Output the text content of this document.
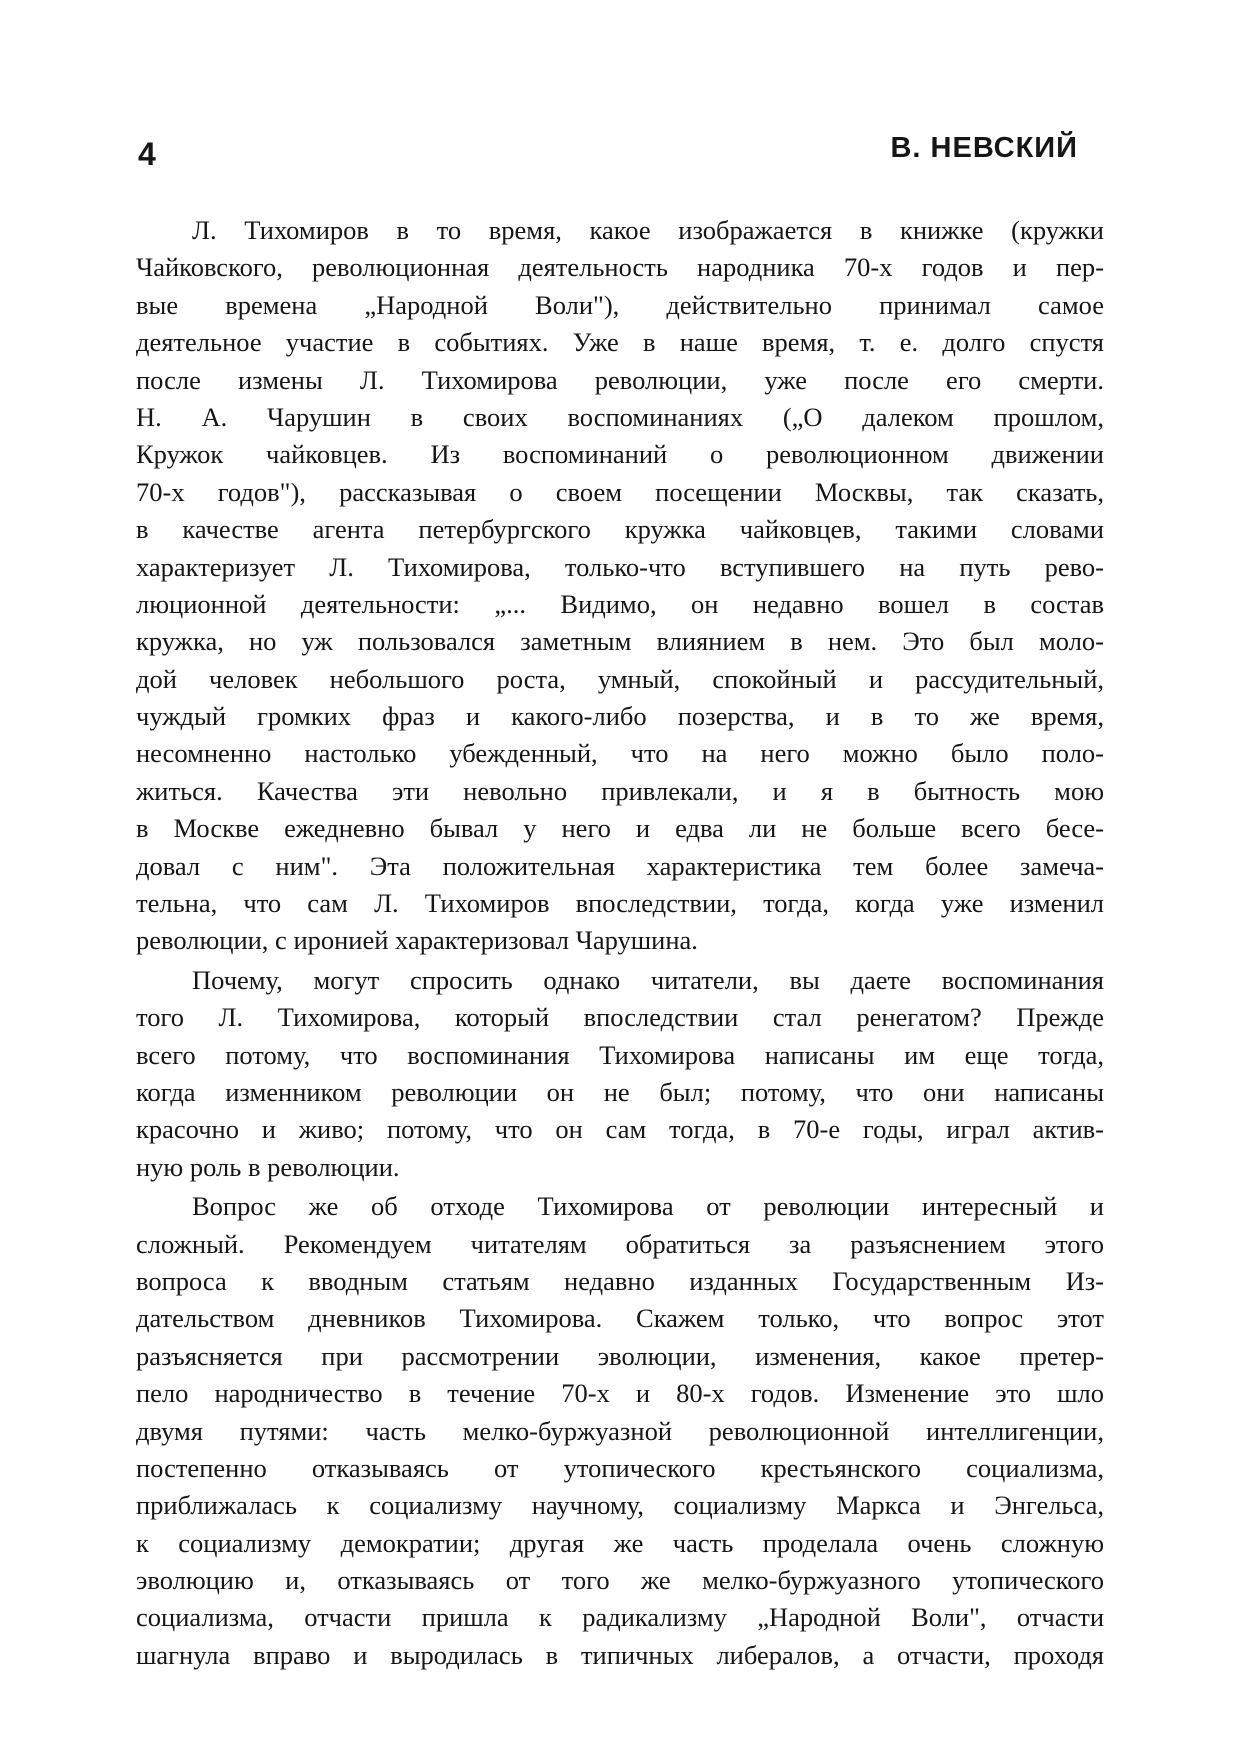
4	В. НЕВСКИЙ

Л. Тихомиров в то время, какое изображается в книжке (кружки
Чайковского, революционная деятельность народника 70-х годов и пер-
вые времена „Народной Воли"), действительно принимал самое
деятельное участие в событиях. Уже в наше время, т. е. долго спустя
после измены Л. Тихомирова революции, уже после его смерти.
Н. А. Чарушин в своих воспоминаниях („О далеком прошлом,
Кружок чайковцев. Из воспоминаний о революционном движении
70-х годов"), рассказывая о своем посещении Москвы, так сказать,
в качестве агента петербургского кружка чайковцев, такими словами
характеризует Л. Тихомирова, только-что вступившего на путь рево-
люционной деятельности: „... Видимо, он недавно вошел в состав
кружка, но уж пользовался заметным влиянием в нем. Это был моло-
дой человек небольшого роста, умный, спокойный и рассудительный,
чуждый громких фраз и какого-либо позерства, и в то же время,
несомненно настолько убежденный, что на него можно было поло-
житься. Качества эти невольно привлекали, и я в бытность мою
в Москве ежедневно бывал у него и едва ли не больше всего бесе-
довал с ним". Эта положительная характеристика тем более замеча-
тельна, что сам Л. Тихомиров впоследствии, тогда, когда уже изменил
революции, с иронией характеризовал Чарушина.

Почему, могут спросить однако читатели, вы даете воспоминания
того Л. Тихомирова, который впоследствии стал ренегатом? Прежде
всего потому, что воспоминания Тихомирова написаны им еще тогда,
когда изменником революции он не был; потому, что они написаны
красочно и живо; потому, что он сам тогда, в 70-е годы, играл актив-
ную роль в революции.

Вопрос же об отходе Тихомирова от революции интересный и
сложный. Рекомендуем читателям обратиться за разъяснением этого
вопроса к вводным статьям недавно изданных Государственным Из-
дательством дневников Тихомирова. Скажем только, что вопрос этот
разъясняется при рассмотрении эволюции, изменения, какое претер-
пело народничество в течение 70-х и 80-х годов. Изменение это шло
двумя путями: часть мелко-буржуазной революционной интеллигенции,
постепенно отказываясь от утопического крестьянского социализма,
приближалась к социализму научному, социализму Маркса и Энгельса,
к социализму демократии; другая же часть проделала очень сложную
эволюцию и, отказываясь от того же мелко-буржуазного утопического
социализма, отчасти пришла к радикализму „Народной Воли", отчасти
шагнула вправо и выродилась в типичных либералов, а отчасти, проходя
